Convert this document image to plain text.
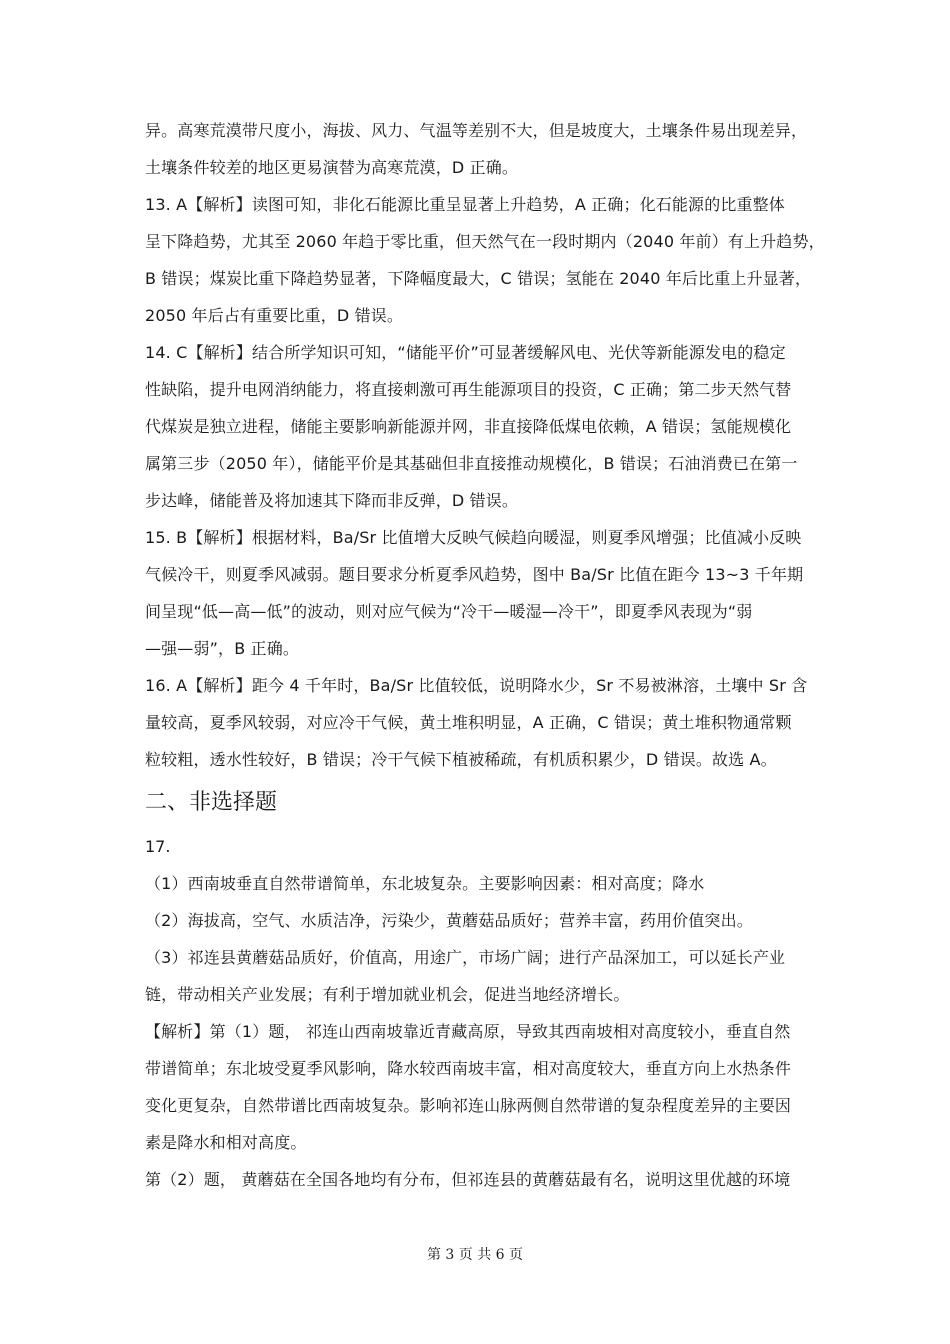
异。高寒荒漠带尺度小，海拔、风力、气温等差别不大，但是坡度大，土壤条件易出现差异，
土壤条件较差的地区更易演替为高寒荒漠，D 正确。

13. A【解析】读图可知，非化石能源比重呈显著上升趋势，A 正确；化石能源的比重整体
呈下降趋势，尤其至 2060 年趋于零比重，但天然气在一段时期内（2040 年前）有上升趋势，
B 错误；煤炭比重下降趋势显著，下降幅度最大，C 错误；氢能在 2040 年后比重上升显著，
2050 年后占有重要比重，D 错误。

14. C【解析】结合所学知识可知，“储能平价”可显著缓解风电、光伏等新能源发电的稳定
性缺陷，提升电网消纳能力，将直接刺激可再生能源项目的投资，C 正确；第二步天然气替
代煤炭是独立进程，储能主要影响新能源并网，非直接降低煤电依赖，A 错误；氢能规模化
属第三步（2050 年），储能平价是其基础但非直接推动规模化，B 错误；石油消费已在第一
步达峰，储能普及将加速其下降而非反弹，D 错误。

15. B【解析】根据材料，Ba/Sr 比值增大反映气候趋向暖湿，则夏季风增强；比值减小反映
气候冷干，则夏季风减弱。题目要求分析夏季风趋势，图中 Ba/Sr 比值在距今 13~3 千年期
间呈现“低—高—低”的波动，则对应气候为“冷干—暖湿—冷干”，即夏季风表现为“弱
—强—弱”，B 正确。

16. A【解析】距今 4 千年时，Ba/Sr 比值较低，说明降水少，Sr 不易被淋溶，土壤中 Sr 含
量较高，夏季风较弱，对应冷干气候，黄土堆积明显，A 正确，C 错误；黄土堆积物通常颗
粒较粗，透水性较好，B 错误；冷干气候下植被稀疏，有机质积累少，D 错误。故选 A。

二、非选择题

17.

（1）西南坡垂直自然带谱简单，东北坡复杂。主要影响因素：相对高度；降水
（2）海拔高，空气、水质洁净，污染少，黄蘑菇品质好；营养丰富，药用价值突出。
（3）祁连县黄蘑菇品质好，价值高，用途广，市场广阔；进行产品深加工，可以延长产业
链，带动相关产业发展；有利于增加就业机会，促进当地经济增长。

【解析】第（1）题， 祁连山西南坡靠近青藏高原，导致其西南坡相对高度较小，垂直自然
带谱简单；东北坡受夏季风影响，降水较西南坡丰富，相对高度较大，垂直方向上水热条件
变化更复杂，自然带谱比西南坡复杂。影响祁连山脉两侧自然带谱的复杂程度差异的主要因
素是降水和相对高度。
第（2）题， 黄蘑菇在全国各地均有分布，但祁连县的黄蘑菇最有名，说明这里优越的环境

第 3 页 共 6 页
